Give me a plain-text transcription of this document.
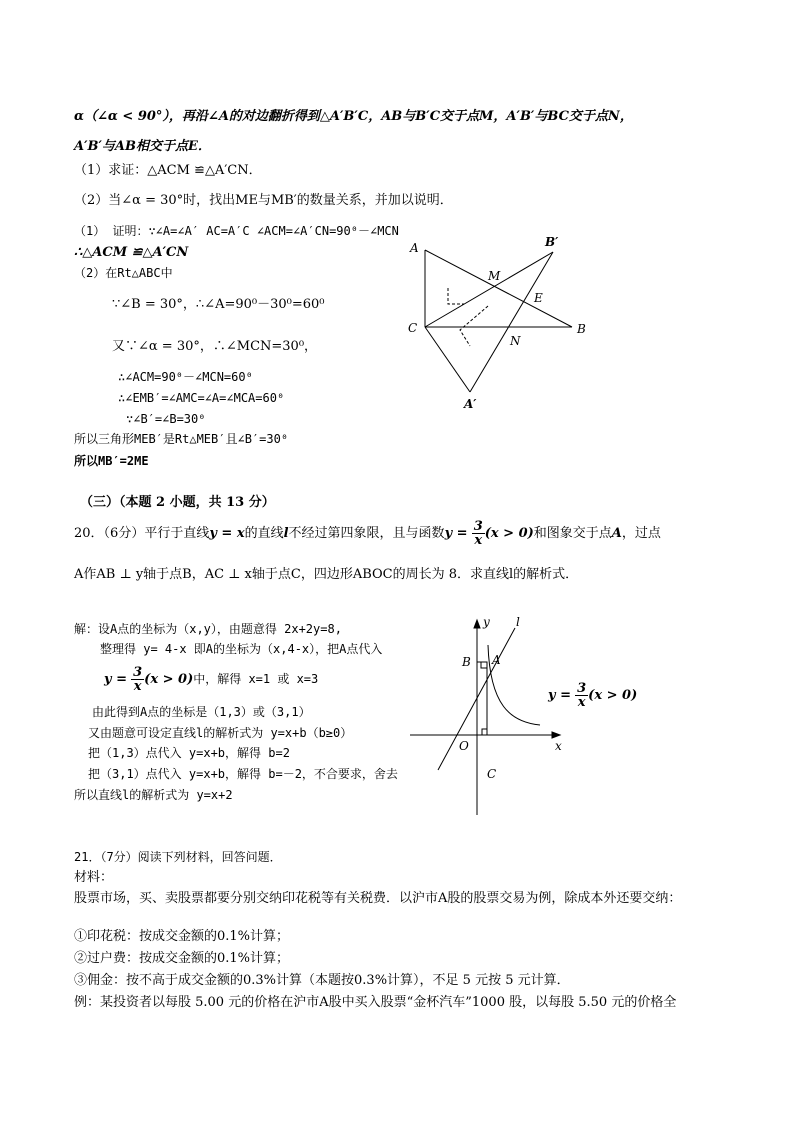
α（∠α < 90°），再沿∠A的对边翻折得到△A′B′C，AB与B′C交于点M，A′B′与BC交于点N，
A′B′与AB相交于点E．
（1）求证：△ACM ≌△A′CN．
（2）当∠α = 30°时，找出ME与MB′的数量关系，并加以说明．
（1） 证明：∵∠A=∠A′ AC=A′C ∠ACM=∠A′CN=90⁰－∠MCN
∴△ACM ≌△A′CN
（2）在Rt△ABC中
∵∠B = 30°，∴∠A=90⁰－30⁰=60⁰
又∵∠α = 30°，∴∠MCN=30⁰，
∴∠ACM=90⁰－∠MCN=60⁰
∴∠EMB′=∠AMC=∠A=∠MCA=60⁰
∵∠B′=∠B=30⁰
所以三角形MEB′是Rt△MEB′且∠B′=30⁰
所以MB′=2ME
A	B′
M
E
C	B
N
A′
（三）（本题 2 小题，共 13 分）
20．（6分）平行于直线y = x的直线l不经过第四象限，且与函数$y = \frac{3}{x} (x > 0)$和图象交于点A，过点
A作AB ⊥ y轴于点B，AC ⊥ x轴于点C，四边形ABOC的周长为 8．求直线l的解析式．
解：设A点的坐标为（x,y），由题意得 2x+2y=8,
整理得 y= 4-x 即A的坐标为（x,4-x），把A点代入
$y = \frac{3}{x} (x > 0)$中，解得 x=1 或 x=3
由此得到A点的坐标是（1,3）或（3,1）
又由题意可设定直线l的解析式为 y=x+b（b≥0）
把（1,3）点代入 y=x+b，解得 b=2
把（3,1）点代入 y=x+b，解得 b=－2，不合要求，舍去
所以直线l的解析式为 y=x+2
y l
B A
O	x
C
$y = \frac{3}{x} (x > 0)$
21．（7分）阅读下列材料，回答问题．
材料：
股票市场，买、卖股票都要分别交纳印花税等有关税费．以沪市A股的股票交易为例，除成本外还要交纳：
①印花税：按成交金额的0.1%计算；
②过户费：按成交金额的0.1%计算；
③佣金：按不高于成交金额的0.3%计算（本题按0.3%计算），不足 5 元按 5 元计算．
例：某投资者以每股 5.00 元的价格在沪市A股中买入股票“金杯汽车”1000 股，以每股 5.50 元的价格全
